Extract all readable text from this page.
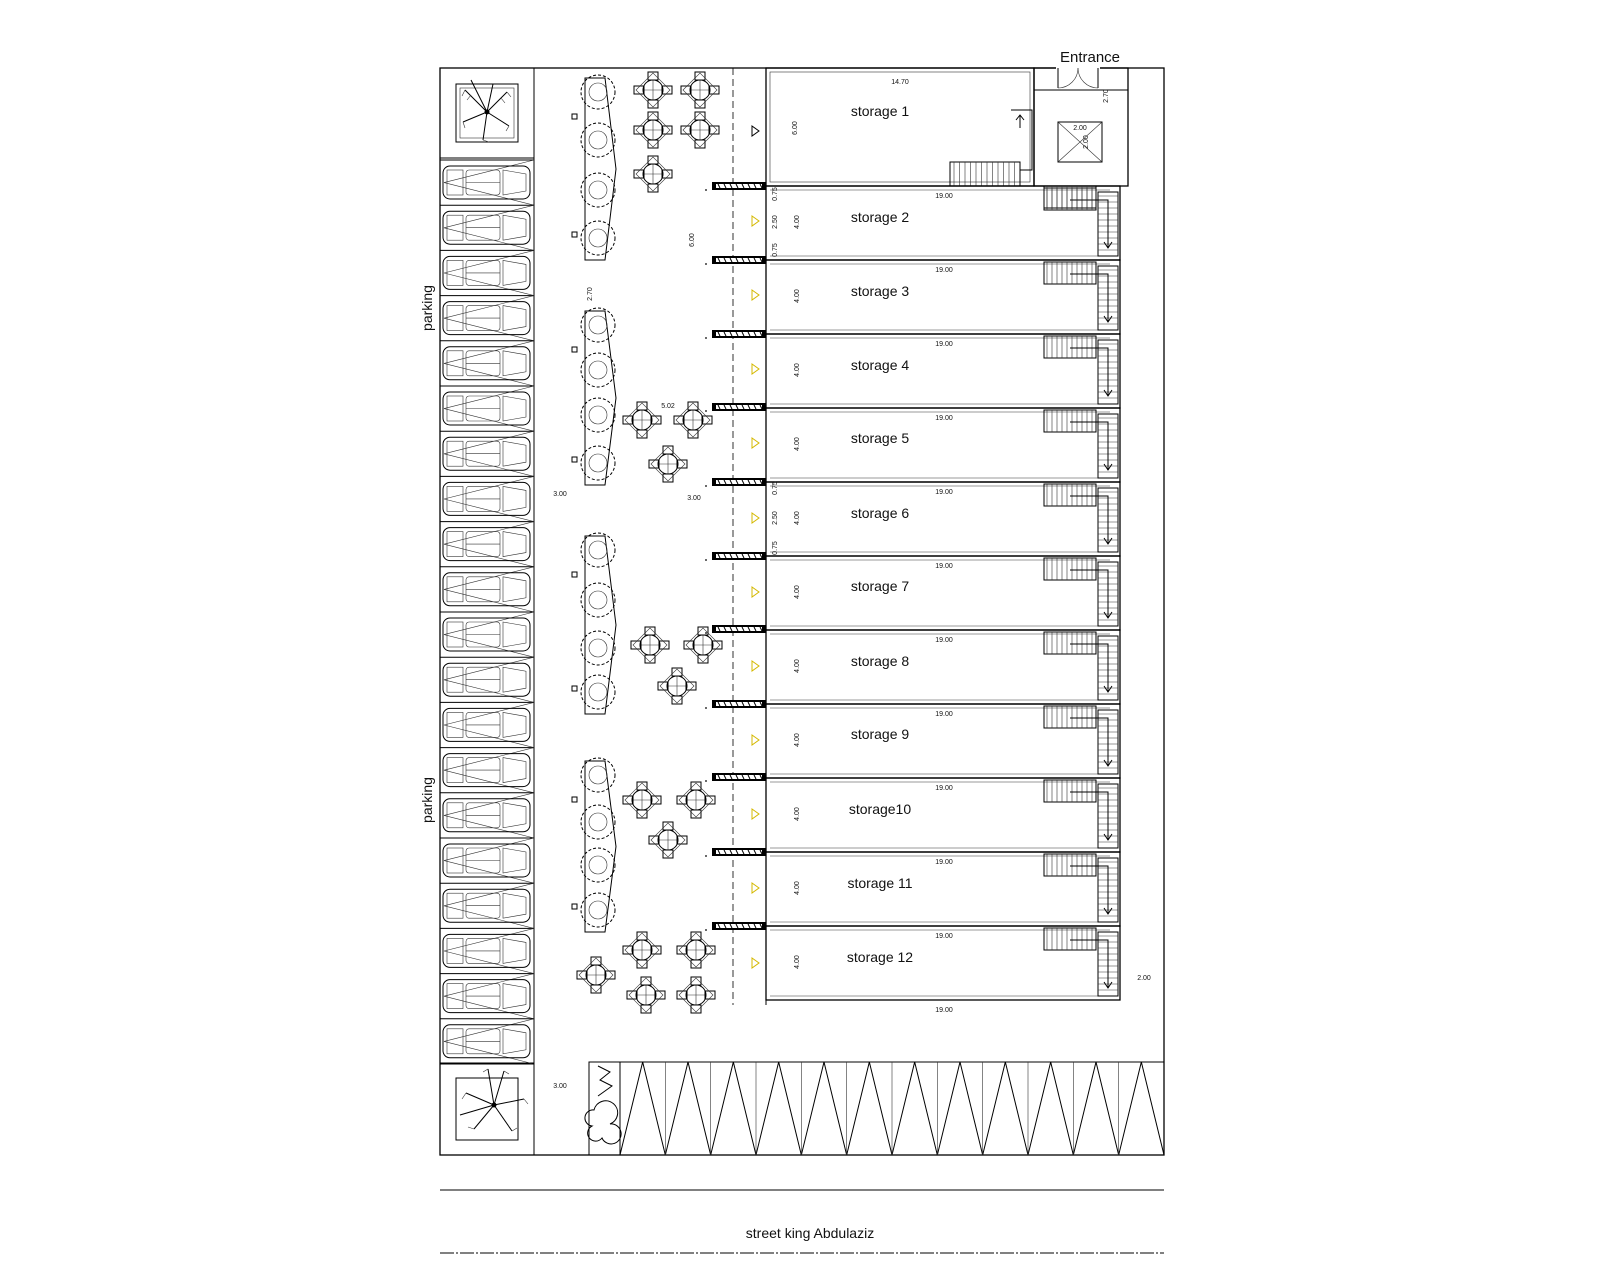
parking
parking
storage 1
14.70
6.00
Entrance
2.70
2.00
2.00
19.00
storage 2
storage 3
storage 4
storage 5
storage 6
storage 7
storage 8
storage 9
storage10
storage 11
storage 12
4.00
4.00
4.00
4.00
4.00
4.00
4.00
4.00
4.00
4.00
4.00
19.00
19.00
19.00
19.00
19.00
19.00
19.00
19.00
19.00
19.00
19.00
6.00
2.70
5.02
3.00
3.00
3.00
2.00
0.75
2.50
0.75
0.75
2.50
0.75
street king Abdulaziz
